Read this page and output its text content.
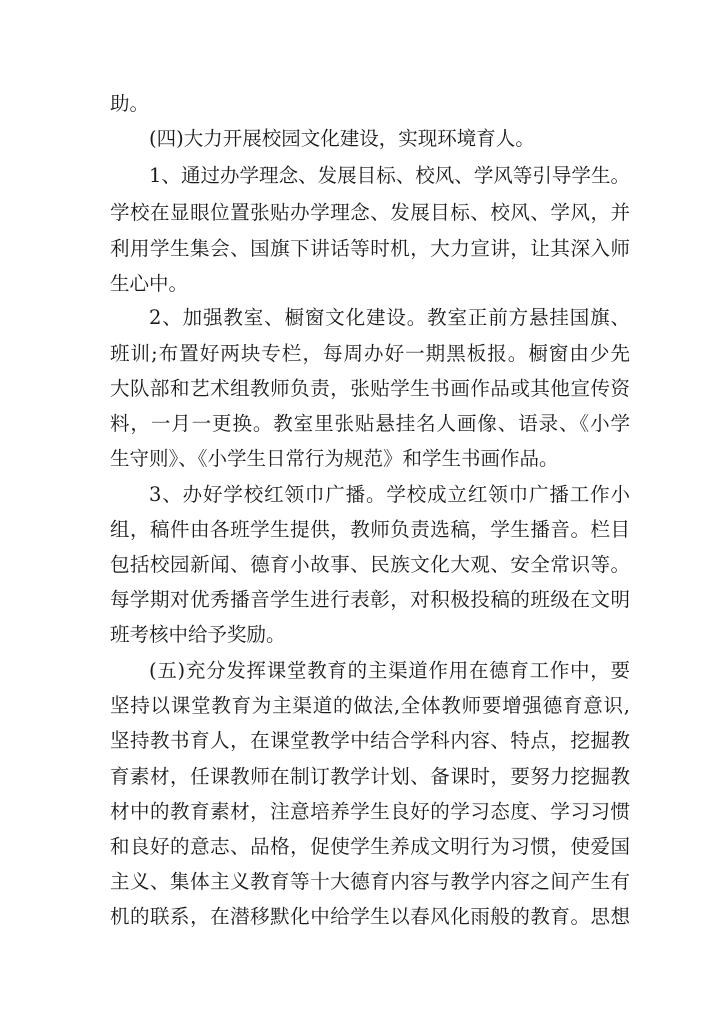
助。
(四)大力开展校园文化建设，实现环境育人。
1、通过办学理念、发展目标、校风、学风等引导学生。
学校在显眼位置张贴办学理念、发展目标、校风、学风，并
利用学生集会、国旗下讲话等时机，大力宣讲，让其深入师
生心中。
2、加强教室、橱窗文化建设。教室正前方悬挂国旗、
班训;布置好两块专栏，每周办好一期黑板报。橱窗由少先
大队部和艺术组教师负责，张贴学生书画作品或其他宣传资
料，一月一更换。教室里张贴悬挂名人画像、语录、《小学
生守则》、《小学生日常行为规范》和学生书画作品。
3、办好学校红领巾广播。学校成立红领巾广播工作小
组，稿件由各班学生提供，教师负责选稿，学生播音。栏目
包括校园新闻、德育小故事、民族文化大观、安全常识等。
每学期对优秀播音学生进行表彰，对积极投稿的班级在文明
班考核中给予奖励。
(五)充分发挥课堂教育的主渠道作用在德育工作中，要
坚持以课堂教育为主渠道的做法,全体教师要增强德育意识,
坚持教书育人，在课堂教学中结合学科内容、特点，挖掘教
育素材，任课教师在制订教学计划、备课时，要努力挖掘教
材中的教育素材，注意培养学生良好的学习态度、学习习惯
和良好的意志、品格，促使学生养成文明行为习惯，使爱国
主义、集体主义教育等十大德育内容与教学内容之间产生有
机的联系，在潜移默化中给学生以春风化雨般的教育。思想
